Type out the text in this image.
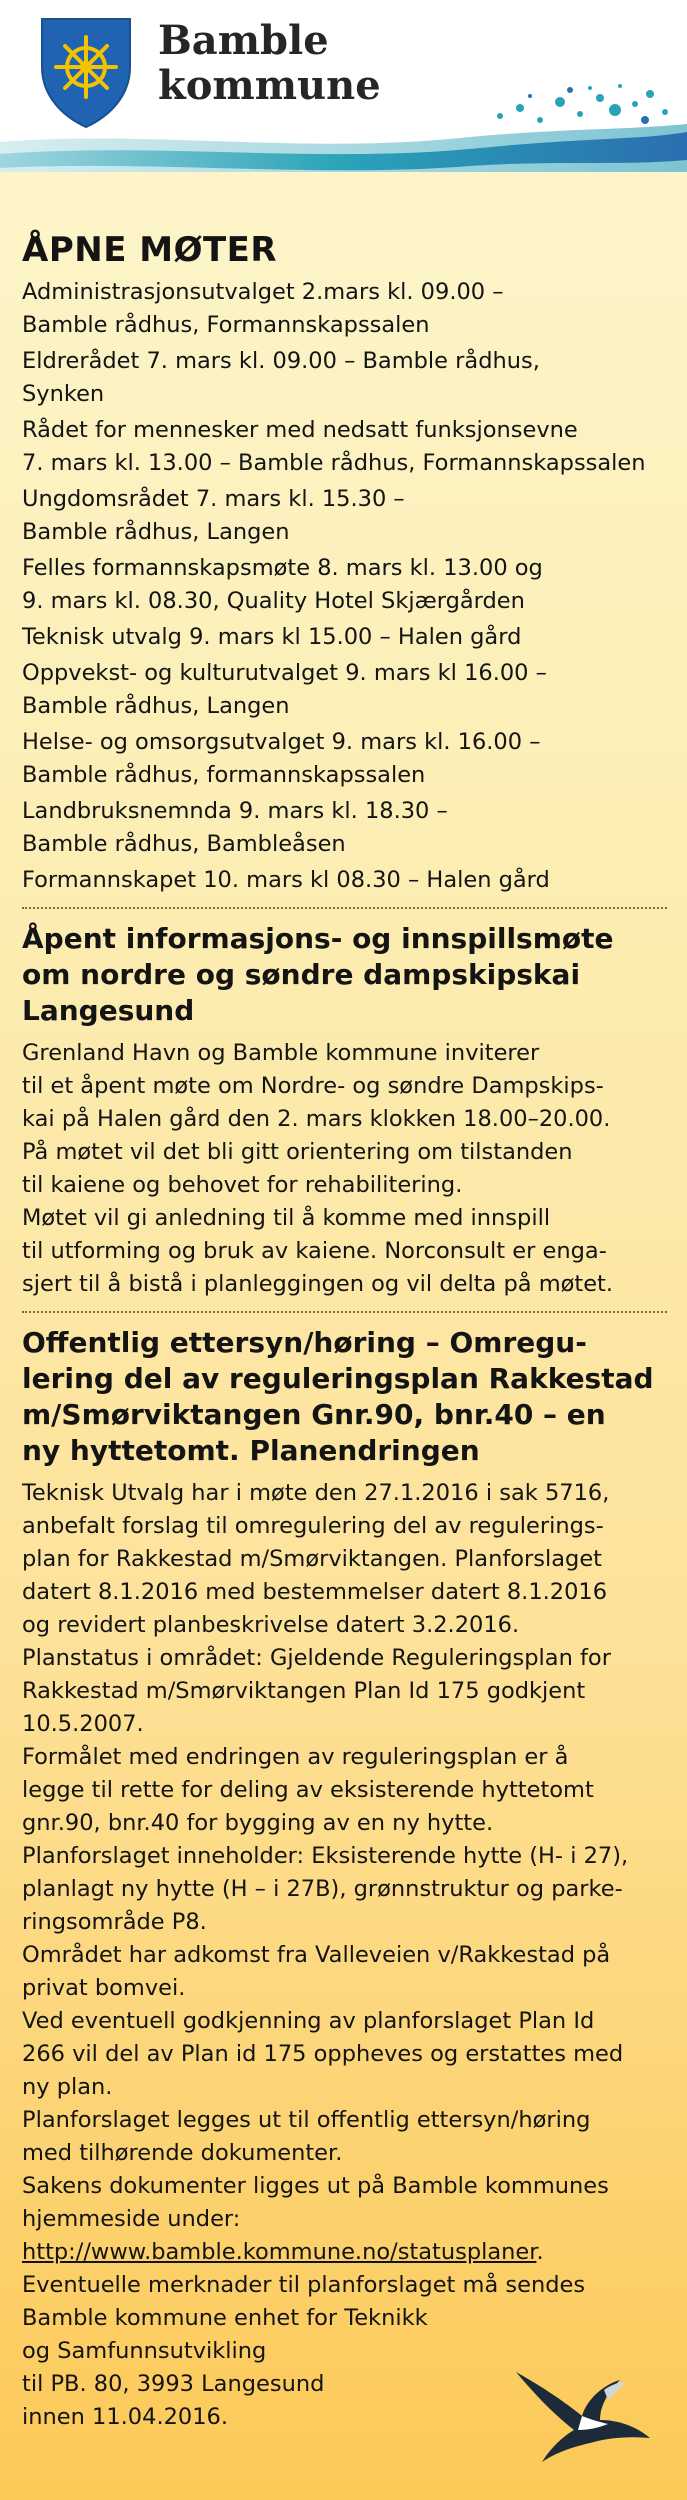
Bamble
kommune
ÅPNE MØTER

Administrasjonsutvalget 2.mars kl. 09.00 –

Bamble rådhus, Formannskapssalen

Eldrerådet 7. mars kl. 09.00 – Bamble rådhus,

Synken

Rådet for mennesker med nedsatt funksjonsevne

7. mars kl. 13.00 – Bamble rådhus, Formannskapssalen

Ungdomsrådet 7. mars kl. 15.30 –

Bamble rådhus, Langen

Felles formannskapsmøte 8. mars kl. 13.00 og

9. mars kl. 08.30, Quality Hotel Skjærgården

Teknisk utvalg 9. mars kl 15.00 – Halen gård

Oppvekst- og kulturutvalget 9. mars kl 16.00 –

Bamble rådhus, Langen

Helse- og omsorgsutvalget 9. mars kl. 16.00 –

Bamble rådhus, formannskapssalen

Landbruksnemnda 9. mars kl. 18.30 –

Bamble rådhus, Bambleåsen

Formannskapet 10. mars kl 08.30 – Halen gård

Åpent informasjons- og innspillsmøte
om nordre og søndre dampskipskai
Langesund

Grenland Havn og Bamble kommune inviterer

til et åpent møte om Nordre- og søndre Dampskips-

kai på Halen gård den 2. mars klokken 18.00–20.00.

På møtet vil det bli gitt orientering om tilstanden

til kaiene og behovet for rehabilitering.

Møtet vil gi anledning til å komme med innspill

til utforming og bruk av kaiene. Norconsult er enga-

sjert til å bistå i planleggingen og vil delta på møtet.

Offentlig ettersyn/høring – Omregu-
lering del av reguleringsplan Rakkestad
m/Smørviktangen Gnr.90, bnr.40 – en
ny hyttetomt. Planendringen

Teknisk Utvalg har i møte den 27.1.2016 i sak 5716,

anbefalt forslag til omregulering del av regulerings-

plan for Rakkestad m/Smørviktangen. Planforslaget

datert 8.1.2016 med bestemmelser datert 8.1.2016

og revidert planbeskrivelse datert 3.2.2016.

Planstatus i området: Gjeldende Reguleringsplan for

Rakkestad m/Smørviktangen Plan Id 175 godkjent

10.5.2007.

Formålet med endringen av reguleringsplan er å

legge til rette for deling av eksisterende hyttetomt

gnr.90, bnr.40 for bygging av en ny hytte.

Planforslaget inneholder: Eksisterende hytte (H- i 27),

planlagt ny hytte (H – i 27B), grønnstruktur og parke-

ringsområde P8.

Området har adkomst fra Valleveien v/Rakkestad på

privat bomvei.

Ved eventuell godkjenning av planforslaget Plan Id

266 vil del av Plan id 175 oppheves og erstattes med

ny plan.

Planforslaget legges ut til offentlig ettersyn/høring

med tilhørende dokumenter.

Sakens dokumenter ligges ut på Bamble kommunes

hjemmeside under:

http://www.bamble.kommune.no/statusplaner.

Eventuelle merknader til planforslaget må sendes

Bamble kommune enhet for Teknikk

og Samfunnsutvikling

til PB. 80, 3993 Langesund

innen 11.04.2016.
